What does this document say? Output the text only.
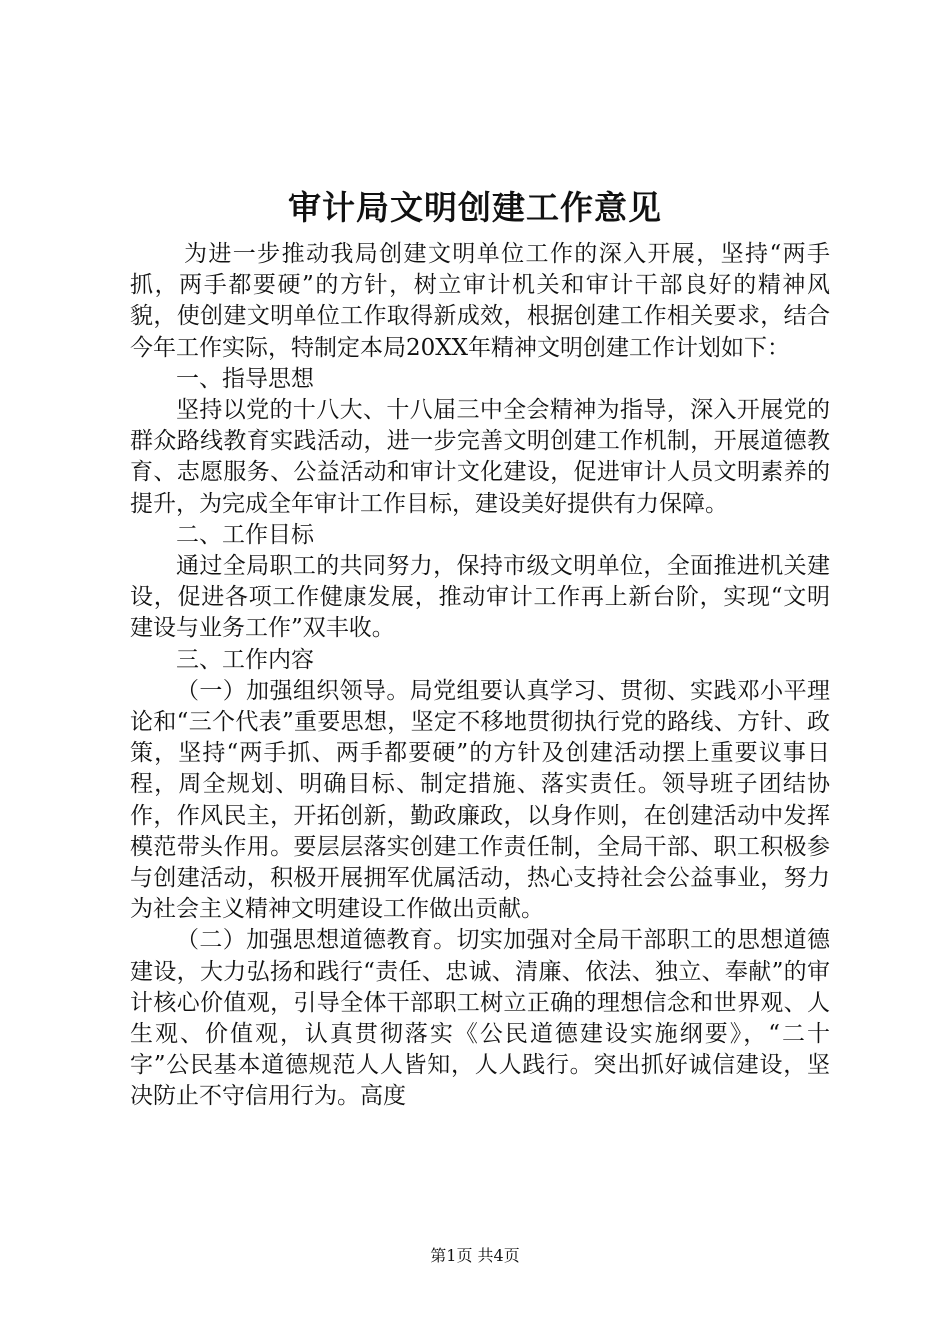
审计局文明创建工作意见

为进一步推动我局创建文明单位工作的深入开展，坚持“两手抓，两手都要硬”的方针，树立审计机关和审计干部良好的精神风貌，使创建文明单位工作取得新成效，根据创建工作相关要求，结合今年工作实际，特制定本局20XX年精神文明创建工作计划如下：

一、指导思想

坚持以党的十八大、十八届三中全会精神为指导，深入开展党的群众路线教育实践活动，进一步完善文明创建工作机制，开展道德教育、志愿服务、公益活动和审计文化建设，促进审计人员文明素养的提升，为完成全年审计工作目标，建设美好提供有力保障。

二、工作目标

通过全局职工的共同努力，保持市级文明单位，全面推进机关建设，促进各项工作健康发展，推动审计工作再上新台阶，实现“文明建设与业务工作”双丰收。

三、工作内容

（一）加强组织领导。局党组要认真学习、贯彻、实践邓小平理论和“三个代表”重要思想，坚定不移地贯彻执行党的路线、方针、政策，坚持“两手抓、两手都要硬”的方针及创建活动摆上重要议事日程，周全规划、明确目标、制定措施、落实责任。领导班子团结协作，作风民主，开拓创新，勤政廉政，以身作则，在创建活动中发挥模范带头作用。要层层落实创建工作责任制，全局干部、职工积极参与创建活动，积极开展拥军优属活动，热心支持社会公益事业，努力为社会主义精神文明建设工作做出贡献。

（二）加强思想道德教育。切实加强对全局干部职工的思想道德建设，大力弘扬和践行“责任、忠诚、清廉、依法、独立、奉献”的审计核心价值观，引导全体干部职工树立正确的理想信念和世界观、人生观、价值观，认真贯彻落实《公民道德建设实施纲要》，“二十字”公民基本道德规范人人皆知，人人践行。突出抓好诚信建设，坚决防止不守信用行为。高度

第1页 共4页
